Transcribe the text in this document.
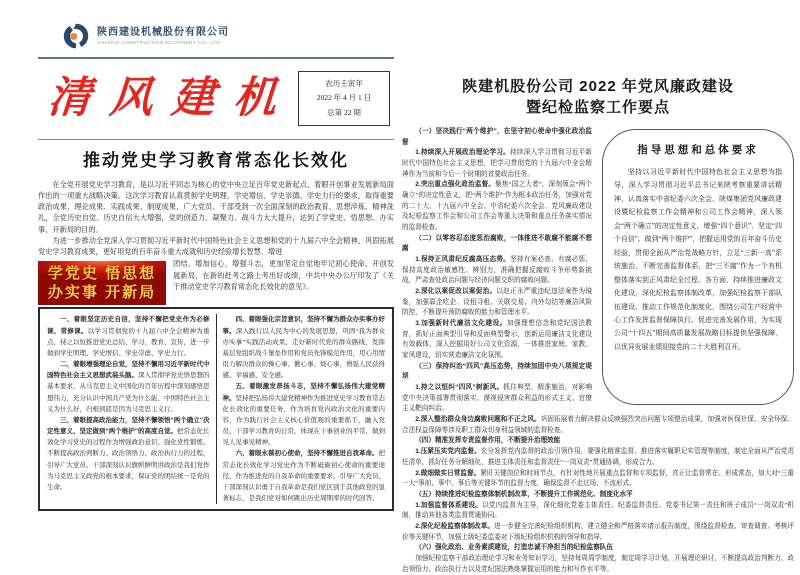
陕西建设机械股份有限公司
SHAANXI CONSTRUCTION MACHINERY CO., LTD.
清 风 建 机	农历壬寅年
2022 年 4 月 1 日
总第 22 期
推动党史学习教育常态化长效化

在全党开展党史学习教育，是以习近平同志为核心的党中央立足百年党史新起点、着眼开创事业发展新局面作出的一项重大战略决策。这次学习教育认真贯彻学史明理、学史增信、学史崇德、学史力行的要求，取得重要政治成果、理论成果、实践成果、制度成果，广大党员、干部受到一次全面深刻的政治教育、思想淬炼、精神洗礼，全党历史自觉、历史自信大大增强，党的创造力、凝聚力、战斗力大大提升，达到了学党史、悟思想、办实事、开新局的目的。

为进一步推动全党深入学习贯彻习近平新时代中国特色社会主义思想和党的十九届六中全会精神，巩固拓展党史学习教育成果，更好用党的百年奋斗重大成就和历史经验增长智慧、增进

学党史 悟思想
办实事 开新局
团结、增加信心、增强斗志，更加坚定自觉地牢记初心使命、开创发展新局，在新的赶考之路上考出好成绩，中共中央办公厅印发了《关于推动党史学习教育常态化长效化的意见》。

一、着眼坚定历史自信，坚持不懈把党史作为必修课、常修课。以学习贯彻党的十九届六中全会精神为重点，持之以恒推进党史总结、学习、教育、宣传，进一步做到学史明理、学史增信、学史崇德、学史力行。

二、着眼增强理论自觉，坚持不懈用习近平新时代中国特色社会主义思想武装头脑。深入贯彻学党史悟思想的基本要求，从马克思主义中国化的百年历程中深刻感悟思想伟力，充分认识中国共产党为什么能、中国特色社会主义为什么好，归根到底是因为马克思主义行。

三、着眼提高政治能力，坚持不懈领悟“两个确立”决定性意义、坚定做到“两个维护”的高度自觉。把常态化长效化学习党史的过程作为增强政治意识、强化党性锻炼，不断提高政治判断力、政治领悟力、政治执行力的过程，引导广大党员、干部深刻认识旗帜鲜明讲政治是我们党作为马克思主义政党的根本要求，保证党的团结统一是党的生命。

四、着眼强化宗旨意识，坚持不懈为群众办实事办好事。深入践行以人民为中心的发展思想，巩固“我为群众办实事”实践活动成果，走好新时代党的群众路线，发挥基层党组织战斗堡垒作用和党员先锋模范作用，用心用情用力解决群众的操心事、揪心事、烦心事，增强人民获得感、幸福感、安全感。

五、着眼激发昂扬斗志，坚持不懈弘扬伟大建党精神。坚持把弘扬伟大建党精神作为推进党史学习教育常态化长效化的重要任务，作为培育党内政治文化的重要内容，作为践行社会主义核心价值观的重要抓手，融入党员、干部学习教育的日常，体现在干事创业的平常，做到见人见事见精神。

六、着眼永葆初心使命，坚持不懈推进自我革命。把常态化长效化学习党史作为不断砥砺初心使命的重要途径，作为推进党的自我革命的重要要求，引导广大党员、干部深刻认识勇于自我革命是我们党区别于其他政党的显著标志，是我们党对如何跳出历史周期率的时代回答。

陕建机股份公司 2022 年党风廉政建设
暨纪检监察工作要点
指导思想和总体要求
坚持以习近平新时代中国特色社会主义思想为指导，深入学习贯彻习近平总书记来陕考察重要讲话精神，认真落实中省纪委六次全会、陕煤集团党风廉政建设暨纪检监察工作会精神和公司工作会精神，深入领会“两个确立”的决定性意义，增强“四个意识”、坚定“四个自信”、做到“两个维护”，把握运用党的百年奋斗历史经验，贯彻全面从严治党战略方针，立足“三新一高”系统施治，不断完善监督体系，把“三不腐”作为一个有机整体落实到正风肃纪全过程、各方面，持续推进廉政文化建设，深化纪检监察体制改革，加强纪检监察干部队伍建设，推动工作规范化制度化，围绕公司生产经营中心工作发挥监督保障执行、促进完善发展作用，为实现公司“十四五”期间高质量发展战略目标提供坚强保障，以优异发展业绩迎接党的二十大胜利召开。

（一）坚决践行“两个维护”，在坚守初心使命中强化政治监督

1.持续深入开展政治理论学习。持续深入学习贯彻习近平新时代中国特色社会主义思想，把学习贯彻党的十九届六中全会精神作为当前和今后一个时期的首要政治任务。

2.突出重点强化政治监督。聚焦“国之大者”，深刻领会“两个确立”的决定性意义，把“两个维护”作为根本政治任务，加强对党的二十大、十九届六中全会、中省纪委六次全会、党风廉政建设及纪检监察工作会和公司工作会等重大决策和重点任务落实情况的监督检查。

（二）以零容忍态度惩治腐败，一体推进不敢腐不能腐不想腐

1.保持正风肃纪反腐高压态势。坚持有案必查、有腐必惩，保持高度政治敏感性、辨别力，准确把握反腐败斗争形势新挑战，严肃查处政治问题与经济问题交织的腐败问题。

2.深化以案促改以案促治。以赵正永严重违纪违法案件为镜鉴，加强靠企吃企、设租寻租、关联交易、内外勾结等廉洁风险防控，不断提升预防腐败的能力和管理水平。

3.加强新时代廉洁文化建设。加强理想信念和党纪国法教育，抓好正面典型引导和反面典型警示，创新运用廉洁文化建设有效载体，深入挖掘用好公司文化资源，一体推进家庭、家教、家风建设，切实营造廉洁文化氛围。

（三）保持纠治“四风”高压态势，持续加固中央八项规定堤坝

1.持之以恒纠“四风”树新风。抓住典型、精准施治，对影响党中央决策部署贯彻落实、漠视侵害群众利益的形式主义、官僚主义靶向纠治。

2.深入整治群众身边腐败问题和不正之风。巩固拓展着力解决群众反映强烈突出问题专项整治成果，加强对医保社保、安全环保、合法权益保障等涉及职工群众切身利益领域的监督检查。

（四）精准发挥专责监督作用，不断提升治理效能

1.压紧压实党内监督。充分发挥党内监督的政治引领作用，要强化精准监督、推进落实履职记实管理等制度，制定全面从严治党责任清单，抓好任务分解细化，推进主体责任和监督责任“一岗双责”贯通协调，形成合力。

2.做细做实日常监督。紧盯关键岗位和时间节点，有针对性地开展重点监督和专项监督，真正让监督常在、形成常态，加大对“三重一大”事前、事中、事后等关键环节的监督力度，确保监督不走过场、不流形式。

（五）持续推进纪检监察体制机制改革，不断提升工作规范化、制度化水平

1.加强监督体系建设。以党内监督为主导，深化细化党委主体责任、纪委监督责任、党委书记第一责任和班子成员“一岗双责”机制，推动其他各类监督贯通协同。

2.深化纪检监察体制改革。进一步健全完善纪检组织机构，建立健全和严格落实请示报告制度，围绕监督检查、审查调查、考核评价等关键环节，加强上级纪委监委对下级纪检组织机构的领导和指导。

（六）强化政治、业务素质建设，打造忠诚干净担当的纪检监察队伍

加强纪检监察干部政治理论学习和业务知识学习，坚持每周周学制度，制定周学习计划，开展理论研讨，不断提高政治判断力、政治领悟力、政治执行力以及党纪国法熟练掌握运用的能力和写作水平等。
